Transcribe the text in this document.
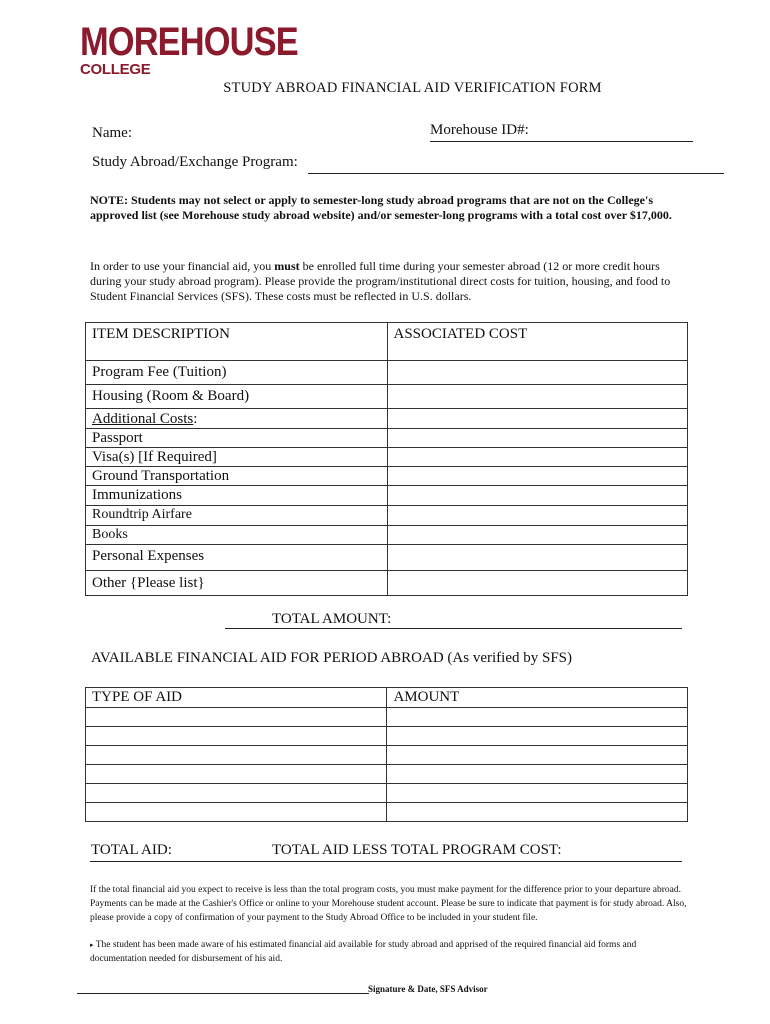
MOREHOUSE
COLLEGE
STUDY ABROAD FINANCIAL AID VERIFICATION FORM
Name:	Morehouse ID#:
Study Abroad/Exchange Program:
NOTE: Students may not select or apply to semester-long study abroad programs that are not on the College's approved list (see Morehouse study abroad website) and/or semester-long programs with a total cost over $17,000.
In order to use your financial aid, you must be enrolled full time during your semester abroad (12 or more credit hours during your study abroad program). Please provide the program/institutional direct costs for tuition, housing, and food to Student Financial Services (SFS). These costs must be reflected in U.S. dollars.
ITEM DESCRIPTION	ASSOCIATED COST
Program Fee (Tuition)	
Housing (Room & Board)	
Additional Costs:	
Passport	
Visa(s) [If Required]	
Ground Transportation	
Immunizations	
Roundtrip Airfare	
Books	
Personal Expenses	
Other {Please list}	
TOTAL AMOUNT:
AVAILABLE FINANCIAL AID FOR PERIOD ABROAD (As verified by SFS)
TYPE OF AID	AMOUNT

TOTAL AID:	TOTAL AID LESS TOTAL PROGRAM COST:
If the total financial aid you expect to receive is less than the total program costs, you must make payment for the difference prior to your departure abroad. Payments can be made at the Cashier's Office or online to your Morehouse student account. Please be sure to indicate that payment is for study abroad. Also, please provide a copy of confirmation of your payment to the Study Abroad Office to be included in your student file.
▸ The student has been made aware of his estimated financial aid available for study abroad and apprised of the required financial aid forms and documentation needed for disbursement of his aid.
Signature & Date, SFS Advisor
